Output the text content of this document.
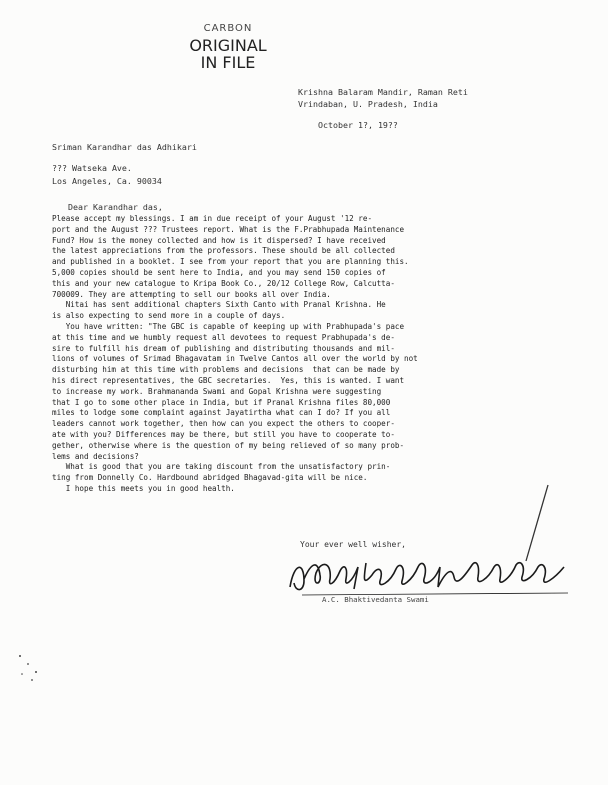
CARBON
ORIGINAL
IN FILE
Krishna Balaram Mandir, Raman Reti
Vrindaban, U. Pradesh, India
October 1?, 19??
Sriman Karandhar das Adhikari
??? Watseka Ave.
Los Angeles, Ca. 90034
Dear Karandhar das,

Please accept my blessings. I am in due receipt of your August '12 re-

port and the August ??? Trustees report. What is the F.Prabhupada Maintenance

Fund? How is the money collected and how is it dispersed? I have received

the latest appreciations from the professors. These should be all collected

and published in a booklet. I see from your report that you are planning this.

5,000 copies should be sent here to India, and you may send 150 copies of

this and your new catalogue to Kripa Book Co., 20/12 College Row, Calcutta-

700009. They are attempting to sell our books all over India.

Nitai has sent additional chapters Sixth Canto with Pranal Krishna. He

is also expecting to send more in a couple of days.

You have written: "The GBC is capable of keeping up with Prabhupada's pace

at this time and we humbly request all devotees to request Prabhupada's de-

sire to fulfill his dream of publishing and distributing thousands and mil-

lions of volumes of Srimad Bhagavatam in Twelve Cantos all over the world by not

disturbing him at this time with problems and decisions  that can be made by

his direct representatives, the GBC secretaries.  Yes, this is wanted. I want

to increase my work. Brahmananda Swami and Gopal Krishna were suggesting

that I go to some other place in India, but if Pranal Krishna files 80,000

miles to lodge some complaint against Jayatirtha what can I do? If you all

leaders cannot work together, then how can you expect the others to cooper-

ate with you? Differences may be there, but still you have to cooperate to-

gether, otherwise where is the question of my being relieved of so many prob-

lems and decisions?

What is good that you are taking discount from the unsatisfactory prin-

ting from Donnelly Co. Hardbound abridged Bhagavad-gita will be nice.

I hope this meets you in good health.

Your ever well wisher,
A.C. Bhaktivedanta Swami
